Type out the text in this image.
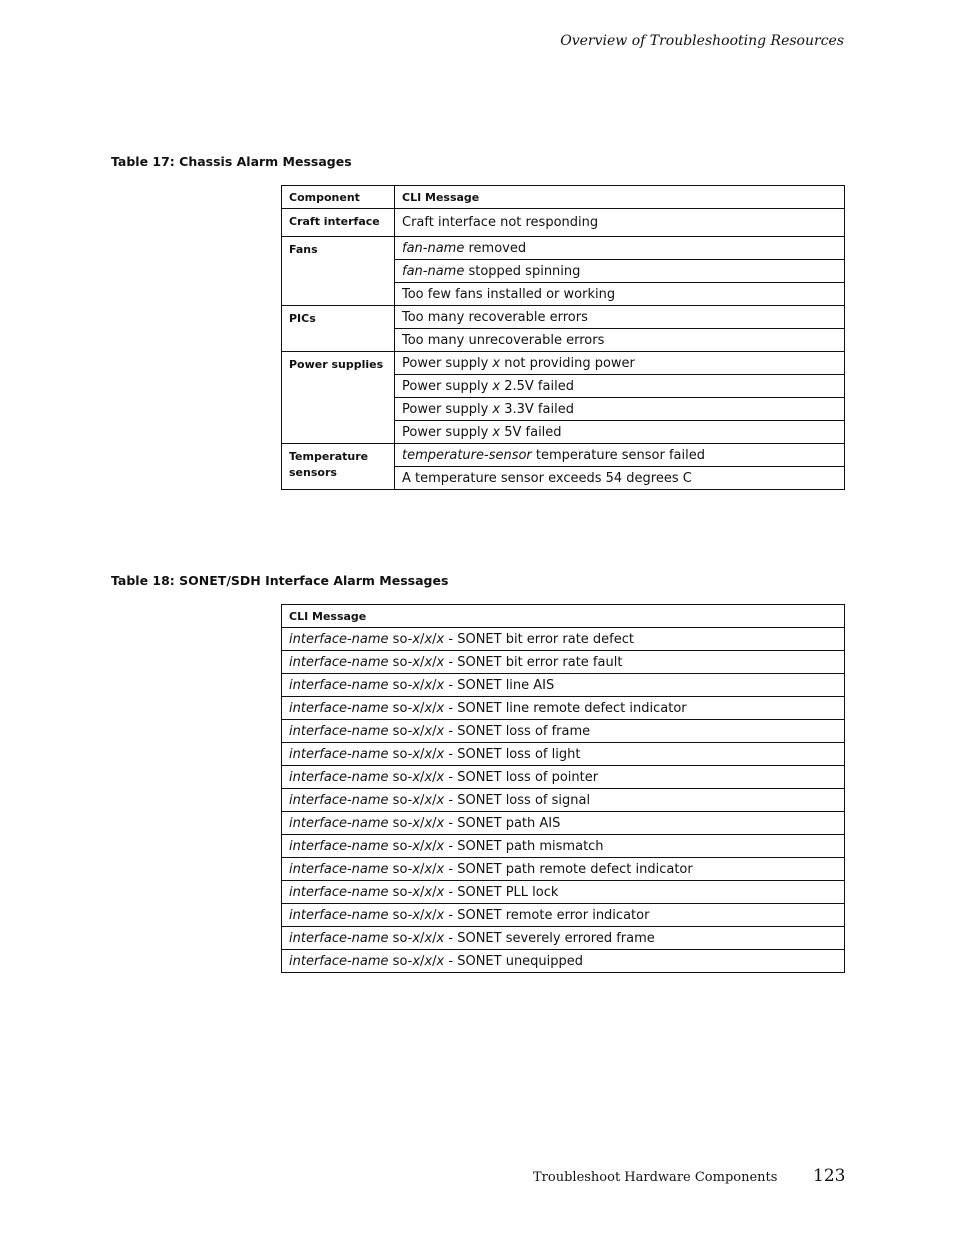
Overview of Troubleshooting Resources
Table 17: Chassis Alarm Messages
Component	CLI Message
Craft interface	Craft interface not responding
Fans	fan-name removed
	fan-name stopped spinning
	Too few fans installed or working
PICs	Too many recoverable errors
	Too many unrecoverable errors
Power supplies	Power supply x not providing power
	Power supply x 2.5V failed
	Power supply x 3.3V failed
	Power supply x 5V failed
Temperature sensors	temperature-sensor temperature sensor failed
	A temperature sensor exceeds 54 degrees C
Table 18: SONET/SDH Interface Alarm Messages
CLI Message
interface-name so-x/x/x - SONET bit error rate defect
interface-name so-x/x/x - SONET bit error rate fault
interface-name so-x/x/x - SONET line AIS
interface-name so-x/x/x - SONET line remote defect indicator
interface-name so-x/x/x - SONET loss of frame
interface-name so-x/x/x - SONET loss of light
interface-name so-x/x/x - SONET loss of pointer
interface-name so-x/x/x - SONET loss of signal
interface-name so-x/x/x - SONET path AIS
interface-name so-x/x/x - SONET path mismatch
interface-name so-x/x/x - SONET path remote defect indicator
interface-name so-x/x/x - SONET PLL lock
interface-name so-x/x/x - SONET remote error indicator
interface-name so-x/x/x - SONET severely errored frame
interface-name so-x/x/x - SONET unequipped
Troubleshoot Hardware Components 123
